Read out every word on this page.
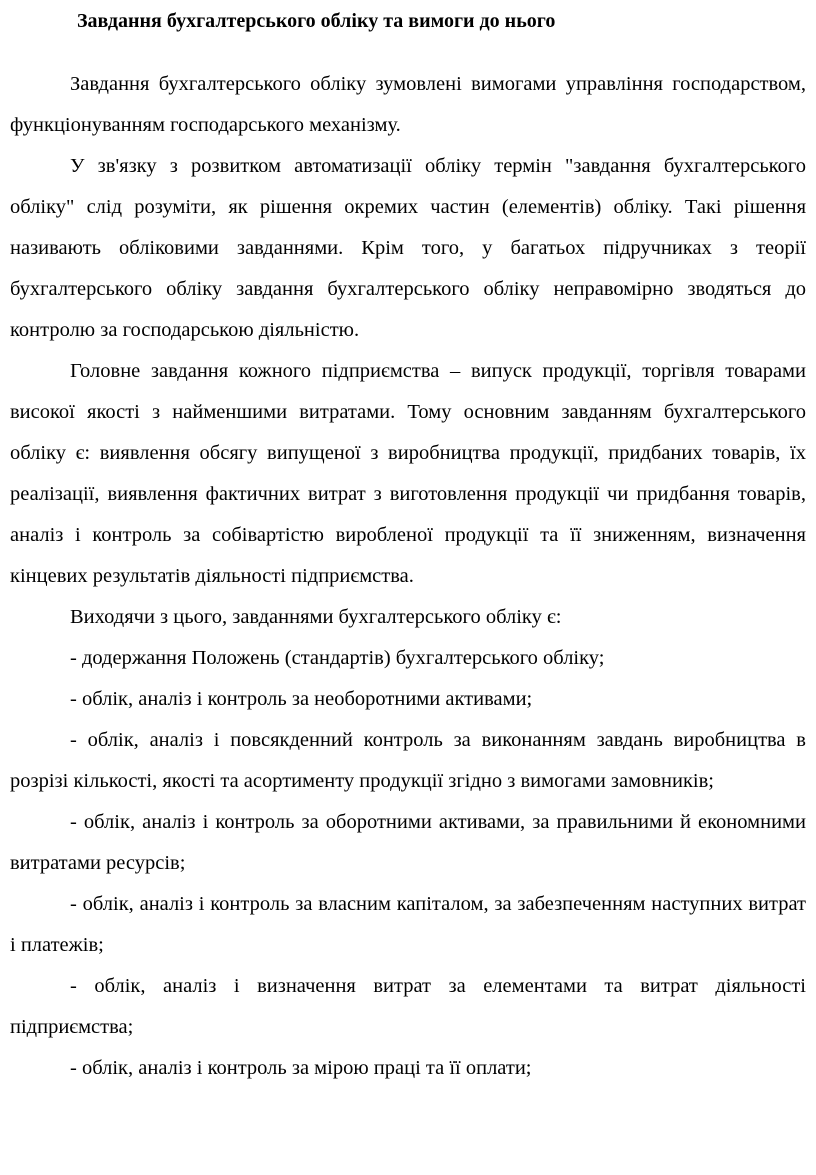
Завдання бухгалтерського обліку та вимоги до нього

Завдання бухгалтерського обліку зумовлені вимогами управління господарством, функціонуванням господарського механізму.

У зв'язку з розвитком автоматизації обліку термін "завдання бухгалтерського обліку" слід розуміти, як рішення окремих частин (елементів) обліку. Такі рішення називають обліковими завданнями. Крім того, у багатьох підручниках з теорії бухгалтерського обліку завдання бухгалтерського обліку неправомірно зводяться до контролю за господарською діяльністю.

Головне завдання кожного підприємства – випуск продукції, торгівля товарами високої якості з найменшими витратами. Тому основним завданням бухгалтерського обліку є: виявлення обсягу випущеної з виробництва продукції, придбаних товарів, їх реалізації, виявлення фактичних витрат з виготовлення продукції чи придбання товарів, аналіз і контроль за собівартістю виробленої продукції та її зниженням, визначення кінцевих результатів діяльності підприємства.

Виходячи з цього, завданнями бухгалтерського обліку є:

- додержання Положень (стандартів) бухгалтерського обліку;

- облік, аналіз і контроль за необоротними активами;

- облік, аналіз і повсякденний контроль за виконанням завдань виробництва в розрізі кількості, якості та асортименту продукції згідно з вимогами замовників;

- облік, аналіз і контроль за оборотними активами, за правильними й економними витратами ресурсів;

- облік, аналіз і контроль за власним капіталом, за забезпеченням наступних витрат і платежів;

- облік, аналіз і визначення витрат за елементами та витрат діяльності підприємства;

- облік, аналіз і контроль за мірою праці та її оплати;
